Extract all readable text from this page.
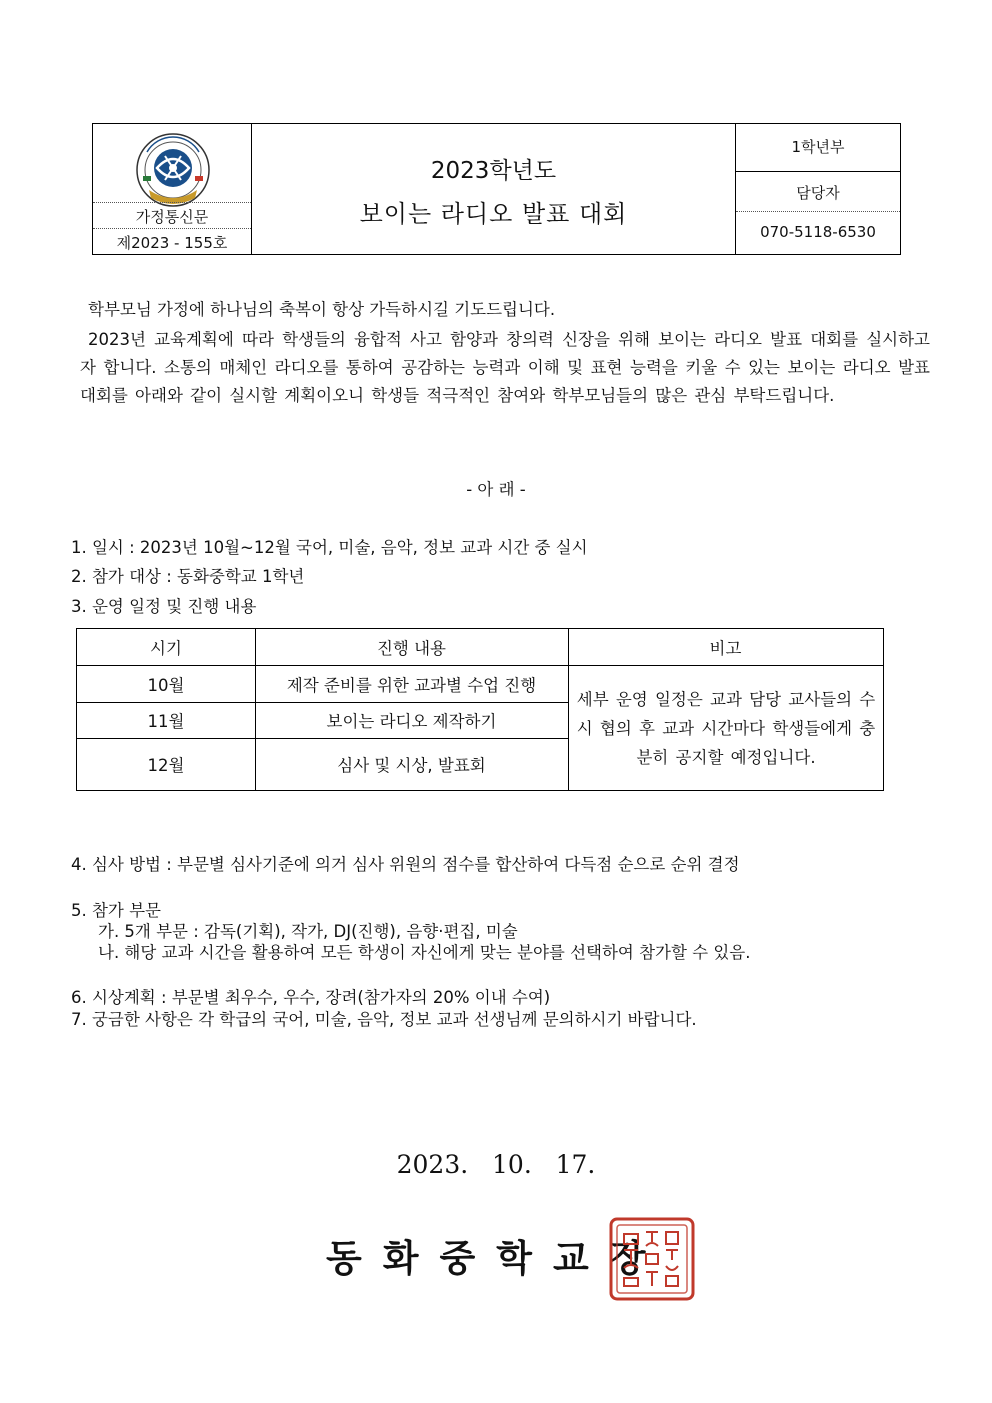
가정통신문
제2023 - 155호
2023학년도
보이는 라디오 발표 대회
1학년부
담당자
070-5118-6530
학부모님 가정에 하나님의 축복이 항상 가득하시길 기도드립니다.
2023년 교육계획에 따라 학생들의 융합적 사고 함양과 창의력 신장을 위해 보이는 라디오 발표 대회를 실시하고자 합니다. 소통의 매체인 라디오를 통하여 공감하는 능력과 이해 및 표현 능력을 키울 수 있는 보이는 라디오 발표 대회를 아래와 같이 실시할 계획이오니 학생들 적극적인 참여와 학부모님들의 많은 관심 부탁드립니다.
- 아 래 -
1. 일시 : 2023년 10월~12월 국어, 미술, 음악, 정보 교과 시간 중 실시
2. 참가 대상 : 동화중학교 1학년
3. 운영 일정 및 진행 내용
시기	진행 내용	비고
10월	제작 준비를 위한 교과별 수업 진행
11월	보이는 라디오 제작하기
12월	심사 및 시상, 발표회
세부 운영 일정은 교과 담당 교사들의 수시 협의 후 교과 시간마다 학생들에게 충분히 공지할 예정입니다.
4. 심사 방법 : 부문별 심사기준에 의거 심사 위원의 점수를 합산하여 다득점 순으로 순위 결정
5. 참가 부문
가. 5개 부문 : 감독(기획), 작가, DJ(진행), 음향·편집, 미술
나. 해당 교과 시간을 활용하여 모든 학생이 자신에게 맞는 분야를 선택하여 참가할 수 있음.
6. 시상계획 : 부문별 최우수, 우수, 장려(참가자의 20% 이내 수여)
7. 궁금한 사항은 각 학급의 국어, 미술, 음악, 정보 교과 선생님께 문의하시기 바랍니다.
2023.   10.   17.
동화중학교장
